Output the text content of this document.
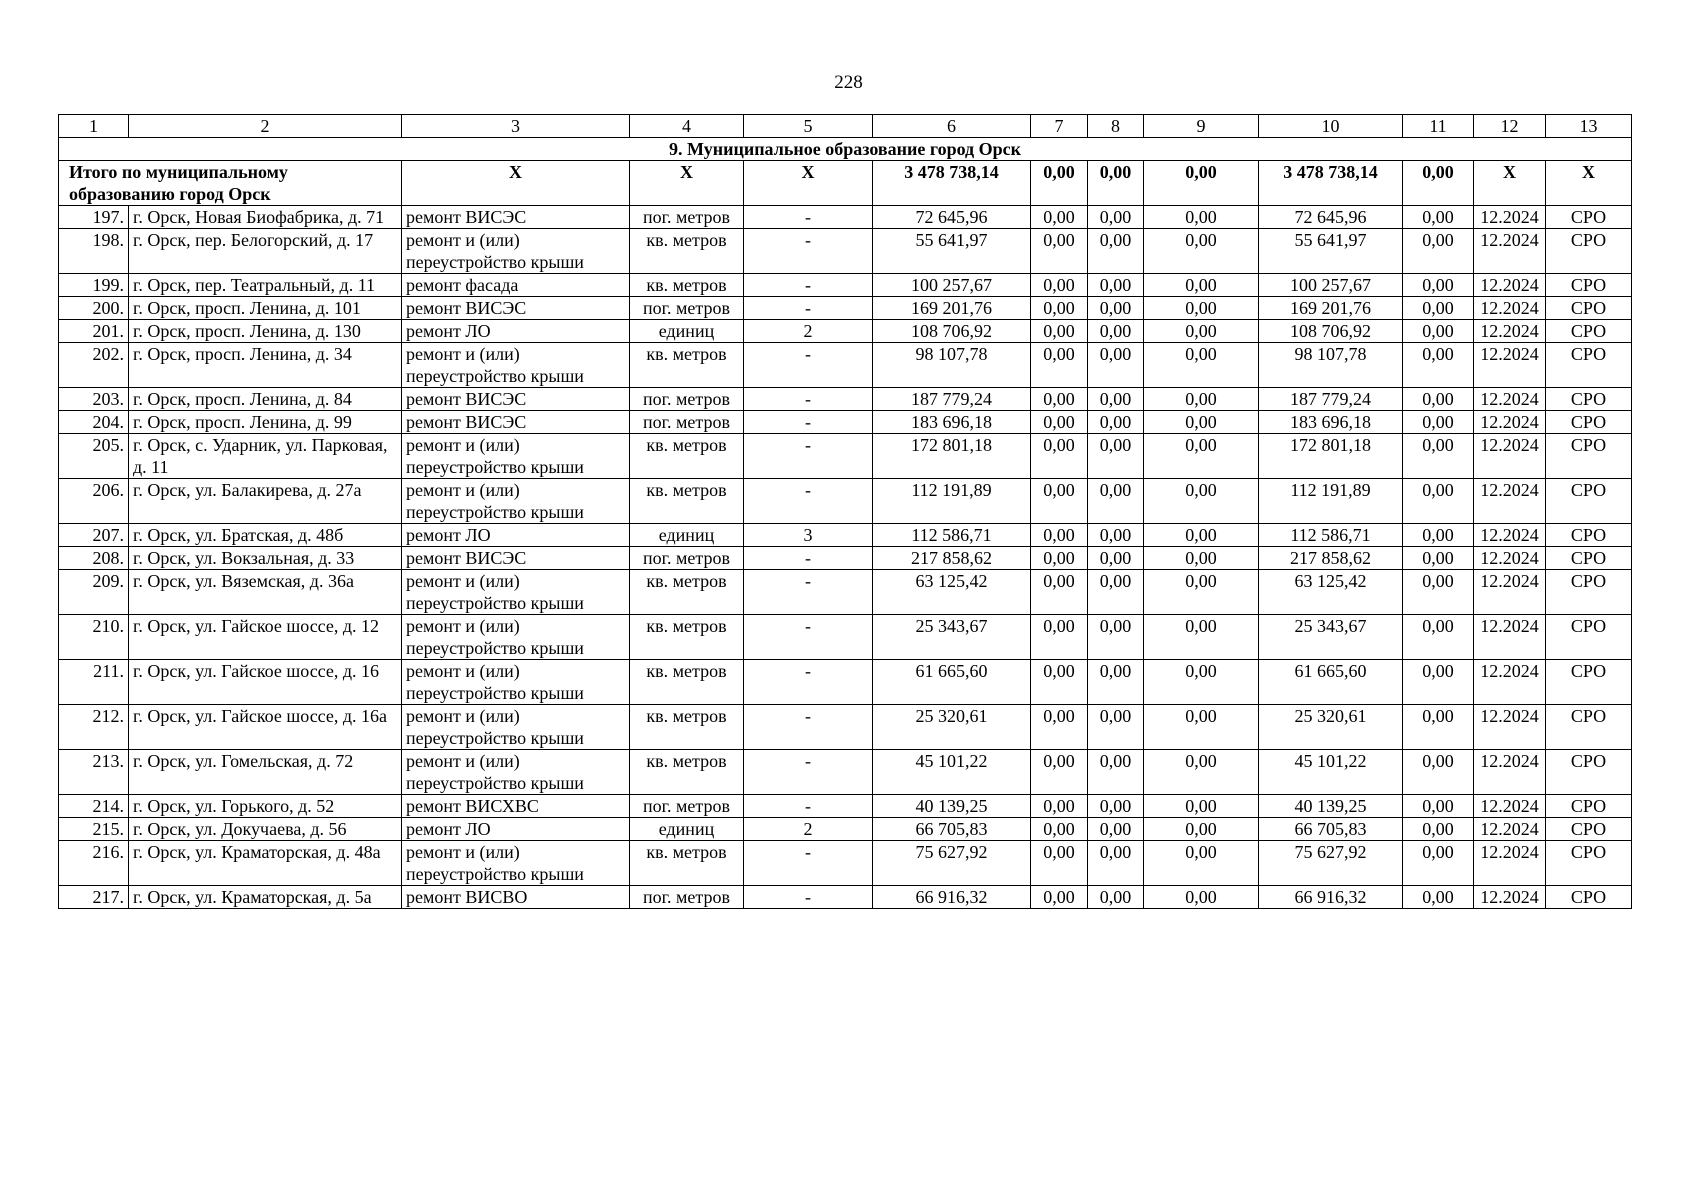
228
1	2	3	4	5	6	7	8	9	10	11	12	13
9. Муниципальное образование город Орск												
Итого по муниципальному образованию город Орск		X	X	X	3 478 738,14	0,00	0,00	0,00	3 478 738,14	0,00	X	X
197.	г. Орск, Новая Биофабрика, д. 71	ремонт ВИСЭС	пог. метров	-	72 645,96	0,00	0,00	0,00	72 645,96	0,00	12.2024	СРО
198.	г. Орск, пер. Белогорский, д. 17	ремонт и (или) переустройство крыши	кв. метров	-	55 641,97	0,00	0,00	0,00	55 641,97	0,00	12.2024	СРО
199.	г. Орск, пер. Театральный, д. 11	ремонт фасада	кв. метров	-	100 257,67	0,00	0,00	0,00	100 257,67	0,00	12.2024	СРО
200.	г. Орск, просп. Ленина, д. 101	ремонт ВИСЭС	пог. метров	-	169 201,76	0,00	0,00	0,00	169 201,76	0,00	12.2024	СРО
201.	г. Орск, просп. Ленина, д. 130	ремонт ЛО	единиц	2	108 706,92	0,00	0,00	0,00	108 706,92	0,00	12.2024	СРО
202.	г. Орск, просп. Ленина, д. 34	ремонт и (или) переустройство крыши	кв. метров	-	98 107,78	0,00	0,00	0,00	98 107,78	0,00	12.2024	СРО
203.	г. Орск, просп. Ленина, д. 84	ремонт ВИСЭС	пог. метров	-	187 779,24	0,00	0,00	0,00	187 779,24	0,00	12.2024	СРО
204.	г. Орск, просп. Ленина, д. 99	ремонт ВИСЭС	пог. метров	-	183 696,18	0,00	0,00	0,00	183 696,18	0,00	12.2024	СРО
205.	г. Орск, с. Ударник, ул. Парковая, д. 11	ремонт и (или) переустройство крыши	кв. метров	-	172 801,18	0,00	0,00	0,00	172 801,18	0,00	12.2024	СРО
206.	г. Орск, ул. Балакирева, д. 27а	ремонт и (или) переустройство крыши	кв. метров	-	112 191,89	0,00	0,00	0,00	112 191,89	0,00	12.2024	СРО
207.	г. Орск, ул. Братская, д. 48б	ремонт ЛО	единиц	3	112 586,71	0,00	0,00	0,00	112 586,71	0,00	12.2024	СРО
208.	г. Орск, ул. Вокзальная, д. 33	ремонт ВИСЭС	пог. метров	-	217 858,62	0,00	0,00	0,00	217 858,62	0,00	12.2024	СРО
209.	г. Орск, ул. Вяземская, д. 36а	ремонт и (или) переустройство крыши	кв. метров	-	63 125,42	0,00	0,00	0,00	63 125,42	0,00	12.2024	СРО
210.	г. Орск, ул. Гайское шоссе, д. 12	ремонт и (или) переустройство крыши	кв. метров	-	25 343,67	0,00	0,00	0,00	25 343,67	0,00	12.2024	СРО
211.	г. Орск, ул. Гайское шоссе, д. 16	ремонт и (или) переустройство крыши	кв. метров	-	61 665,60	0,00	0,00	0,00	61 665,60	0,00	12.2024	СРО
212.	г. Орск, ул. Гайское шоссе, д. 16а	ремонт и (или) переустройство крыши	кв. метров	-	25 320,61	0,00	0,00	0,00	25 320,61	0,00	12.2024	СРО
213.	г. Орск, ул. Гомельская, д. 72	ремонт и (или) переустройство крыши	кв. метров	-	45 101,22	0,00	0,00	0,00	45 101,22	0,00	12.2024	СРО
214.	г. Орск, ул. Горького, д. 52	ремонт ВИСХВС	пог. метров	-	40 139,25	0,00	0,00	0,00	40 139,25	0,00	12.2024	СРО
215.	г. Орск, ул. Докучаева, д. 56	ремонт ЛО	единиц	2	66 705,83	0,00	0,00	0,00	66 705,83	0,00	12.2024	СРО
216.	г. Орск, ул. Краматорская, д. 48а	ремонт и (или) переустройство крыши	кв. метров	-	75 627,92	0,00	0,00	0,00	75 627,92	0,00	12.2024	СРО
217.	г. Орск, ул. Краматорская, д. 5а	ремонт ВИСВО	пог. метров	-	66 916,32	0,00	0,00	0,00	66 916,32	0,00	12.2024	СРО
